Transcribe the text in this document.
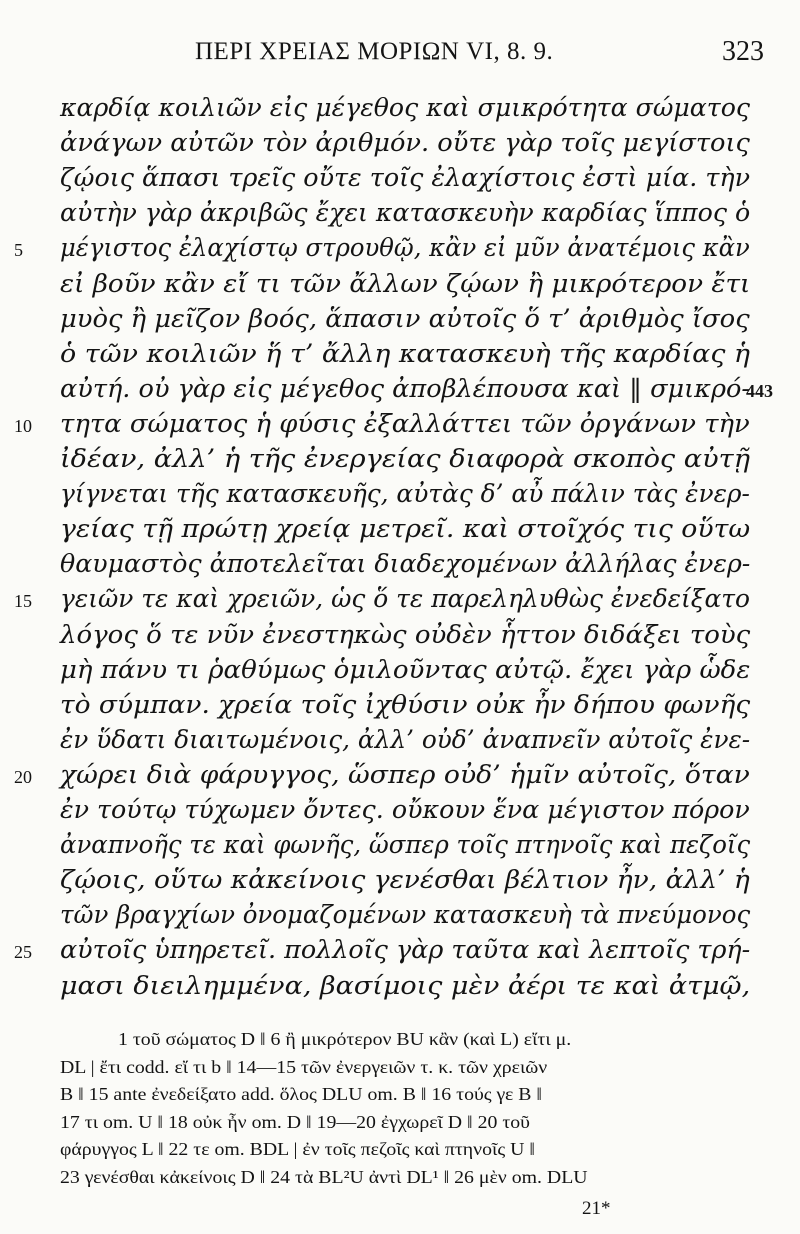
ΠΕΡΙ ΧΡΕΙΑΣ ΜΟΡΙΩΝ VI, 8. 9.	323
καρδίᾳ κοιλιῶν εἰς μέγεθος καὶ σμικρότητα σώματος
ἀνάγων αὐτῶν τὸν ἀριθμόν. οὔτε γὰρ τοῖς μεγίστοις
ζῴοις ἅπασι τρεῖς οὔτε τοῖς ἐλαχίστοις ἐστὶ μία. τὴν
αὐτὴν γὰρ ἀκριβῶς ἔχει κατασκευὴν καρδίας ἵππος ὁ
5 μέγιστος ἐλαχίστῳ στρουθῷ, κἂν εἰ μῦν ἀνατέμοις κἂν
εἰ βοῦν κἂν εἴ τι τῶν ἄλλων ζῴων ἢ μικρότερον ἔτι
μυὸς ἢ μεῖζον βοός, ἅπασιν αὐτοῖς ὅ τ’ ἀριθμὸς ἴσος
ὁ τῶν κοιλιῶν ἥ τ’ ἄλλη κατασκευὴ τῆς καρδίας ἡ
αὐτή. οὐ γὰρ εἰς μέγεθος ἀποβλέπουσα καὶ ‖ σμικρό-
443
10 τητα σώματος ἡ φύσις ἐξαλλάττει τῶν ὀργάνων τὴν
ἰδέαν, ἀλλ’ ἡ τῆς ἐνεργείας διαφορὰ σκοπὸς αὐτῇ
γίγνεται τῆς κατασκευῆς, αὐτὰς δ’ αὖ πάλιν τὰς ἐνερ-
γείας τῇ πρώτῃ χρείᾳ μετρεῖ. καὶ στοῖχός τις οὕτω
θαυμαστὸς ἀποτελεῖται διαδεχομένων ἀλλήλας ἐνερ-
15 γειῶν τε καὶ χρειῶν, ὡς ὅ τε παρεληλυθὼς ἐνεδείξατο
λόγος ὅ τε νῦν ἐνεστηκὼς οὐδὲν ἧττον διδάξει τοὺς
μὴ πάνυ τι ῥαθύμως ὁμιλοῦντας αὐτῷ. ἔχει γὰρ ὧδε
τὸ σύμπαν. χρεία τοῖς ἰχθύσιν οὐκ ἦν δήπου φωνῆς
ἐν ὕδατι διαιτωμένοις, ἀλλ’ οὐδ’ ἀναπνεῖν αὐτοῖς ἐνε-
20 χώρει διὰ φάρυγγος, ὥσπερ οὐδ’ ἡμῖν αὐτοῖς, ὅταν
ἐν τούτῳ τύχωμεν ὄντες. οὔκουν ἕνα μέγιστον πόρον
ἀναπνοῆς τε καὶ φωνῆς, ὥσπερ τοῖς πτηνοῖς καὶ πεζοῖς
ζῴοις, οὕτω κἀκείνοις γενέσθαι βέλτιον ἦν, ἀλλ’ ἡ
τῶν βραγχίων ὀνομαζομένων κατασκευὴ τὰ πνεύμονος
25 αὐτοῖς ὑπηρετεῖ. πολλοῖς γὰρ ταῦτα καὶ λεπτοῖς τρή-
μασι διειλημμένα, βασίμοις μὲν ἀέρι τε καὶ ἀτμῷ,
1 τοῦ σώματος D ‖ 6 ἢ μικρότερον BU κἂν (καὶ L) εἴτι μ.
DL | ἔτι codd. εἴ τι b ‖ 14—15 τῶν ἐνεργειῶν τ. κ. τῶν χρειῶν
B ‖ 15 ante ἐνεδείξατο add. ὅλος DLU om. B ‖ 16 τούς γε B ‖
17 τι om. U ‖ 18 οὐκ ἦν om. D ‖ 19—20 ἐγχωρεῖ D ‖ 20 τοῦ
φάρυγγος L ‖ 22 τε om. BDL | ἐν τοῖς πεζοῖς καὶ πτηνοῖς U ‖
23 γενέσθαι κἀκείνοις D ‖ 24 τὰ BL²U ἀντὶ DL¹ ‖ 26 μὲν om. DLU
21*
